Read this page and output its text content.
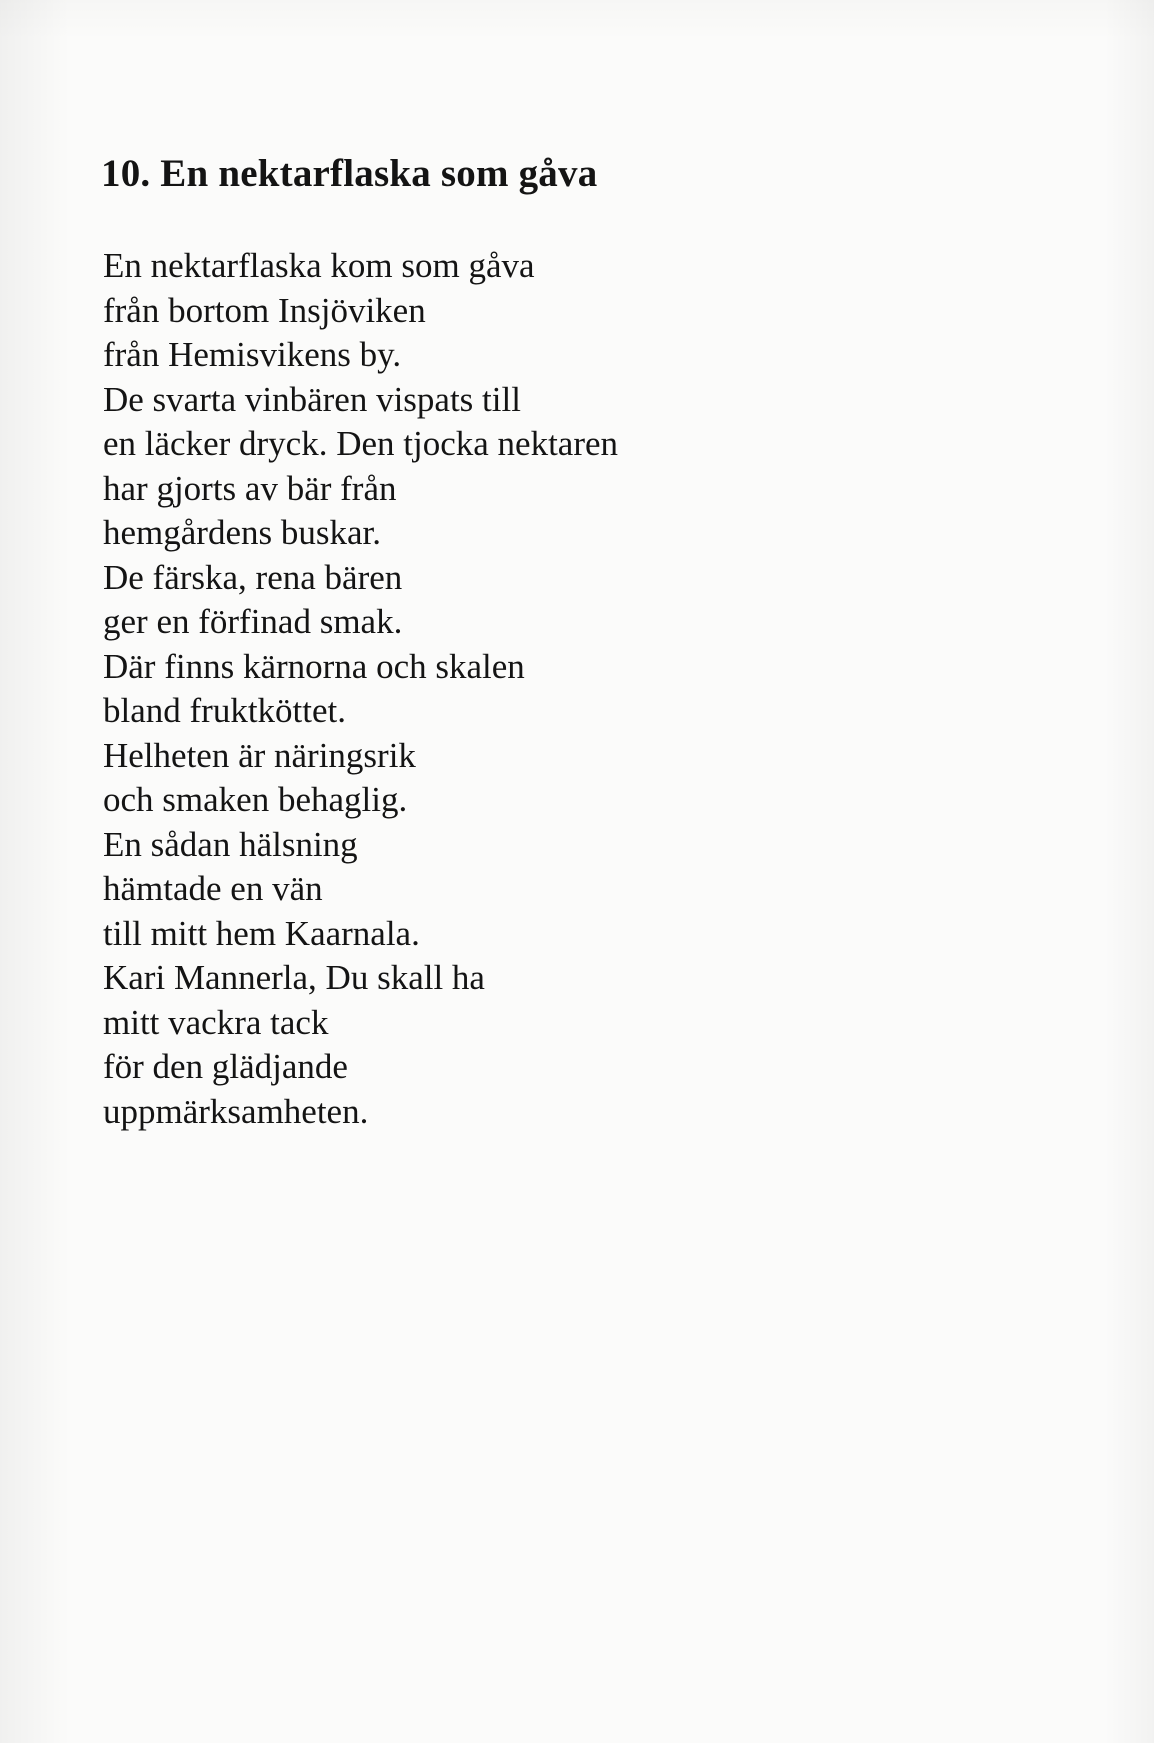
10. En nektarflaska som gåva
En nektarflaska kom som gåva
från bortom Insjöviken
från Hemisvikens by.
De svarta vinbären vispats till
en läcker dryck. Den tjocka nektaren
har gjorts av bär från
hemgårdens buskar.
De färska, rena bären
ger en förfinad smak.
Där finns kärnorna och skalen
bland fruktköttet.
Helheten är näringsrik
och smaken behaglig.
En sådan hälsning
hämtade en vän
till mitt hem Kaarnala.
Kari Mannerla, Du skall ha
mitt vackra tack
för den glädjande
uppmärksamheten.
